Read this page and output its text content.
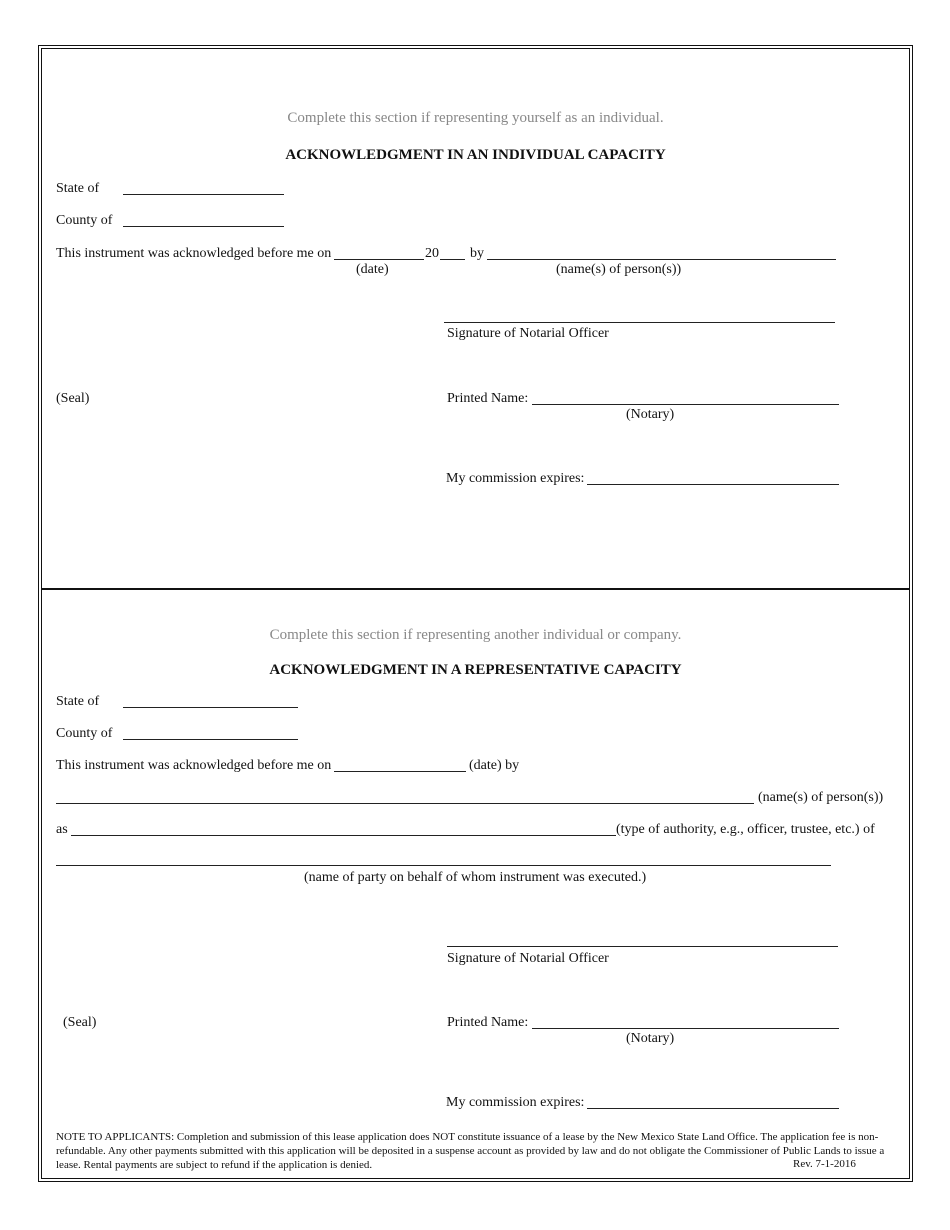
Complete this section if representing yourself as an individual.
ACKNOWLEDGMENT IN AN INDIVIDUAL CAPACITY
State of
County of
This instrument was acknowledged before me on	20 by
(date)	(name(s) of person(s))
Signature of Notarial Officer
(Seal)	Printed Name:
(Notary)
My commission expires:
Complete this section if representing another individual or company.
ACKNOWLEDGMENT IN A REPRESENTATIVE CAPACITY
State of
County of
This instrument was acknowledged before me on	(date) by
(name(s) of person(s))
as	(type of authority, e.g., officer, trustee, etc.) of
(name of party on behalf of whom instrument was executed.)
Signature of Notarial Officer
(Seal)	Printed Name:
(Notary)
My commission expires:
NOTE TO APPLICANTS: Completion and submission of this lease application does NOT constitute issuance of a lease by the New Mexico State Land Office. The application fee is non-refundable. Any other payments submitted with this application will be deposited in a suspense account as provided by law and do not obligate the Commissioner of Public Lands to issue a lease. Rental payments are subject to refund if the application is denied.	Rev. 7-1-2016
